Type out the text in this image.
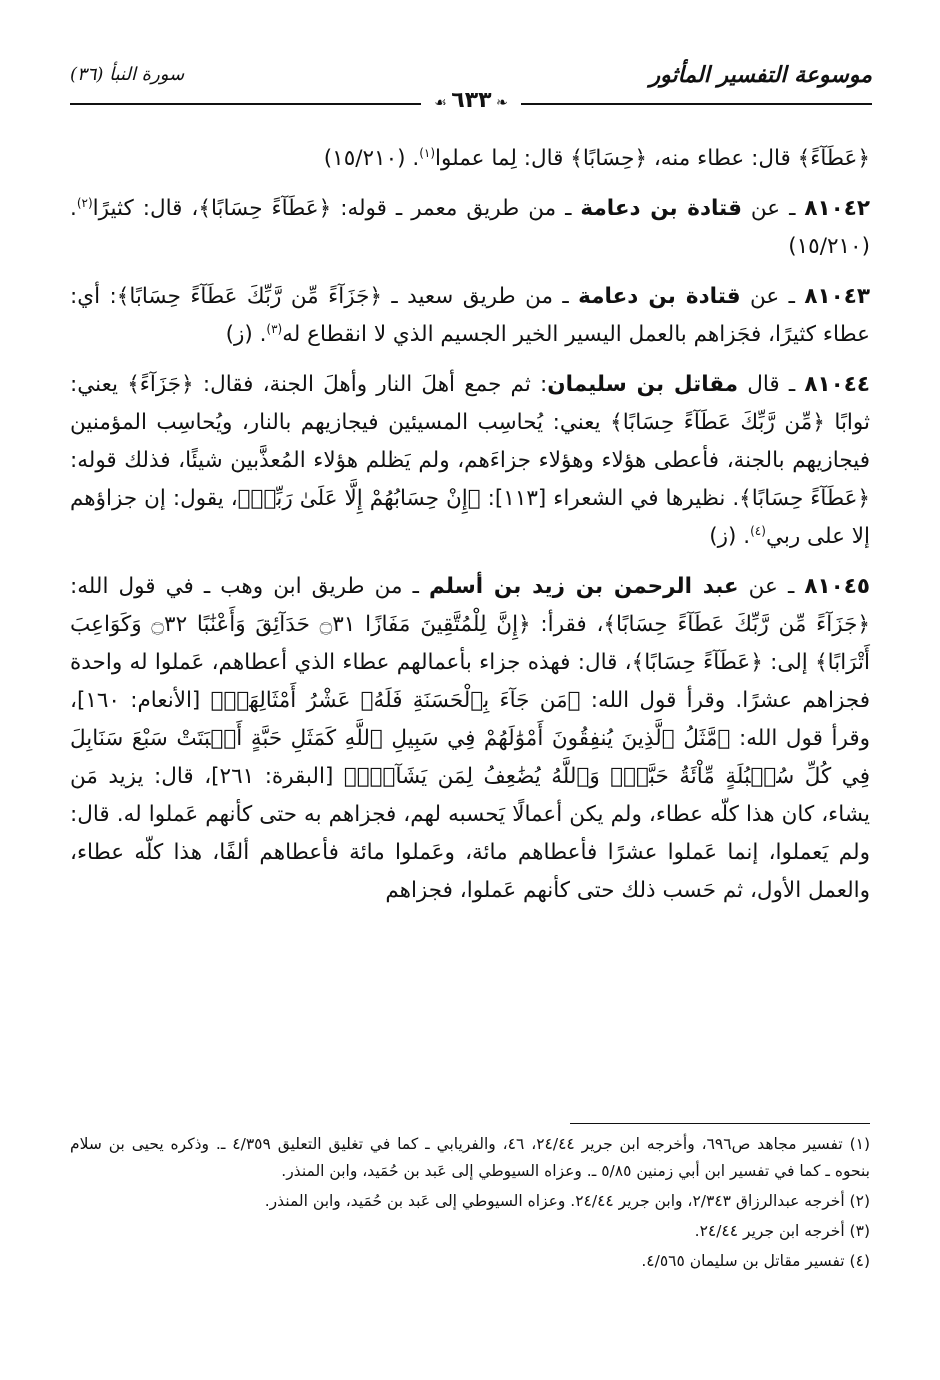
موسوعة التفسير المأثور
سورة النبأ (٣٦)
❧ ٦٣٣ ☙

﴿عَطَآءً﴾ قال: عطاء منه، ﴿حِسَابًا﴾ قال: لِما عملوا$^{(١)}$. (١٥/٢١٠)

٨١٠٤٢ ـ عن قتادة بن دعامة ـ من طريق معمر ـ قوله: ﴿عَطَآءً حِسَابًا﴾، قال: كثيرًا$^{(٢)}$. (١٥/٢١٠)

٨١٠٤٣ ـ عن قتادة بن دعامة ـ من طريق سعيد ـ ﴿جَزَآءً مِّن رَّبِّكَ عَطَآءً حِسَابًا﴾: أي: عطاء كثيرًا، فجَزاهم بالعمل اليسير الخير الجسيم الذي لا انقطاع له$^{(٣)}$. (ز)

٨١٠٤٤ ـ قال مقاتل بن سليمان: ثم جمع أهلَ النار وأهلَ الجنة، فقال: ﴿جَزَآءً﴾ يعني: ثوابًا ﴿مِّن رَّبِّكَ عَطَآءً حِسَابًا﴾ يعني: يُحاسِب المسيئين فيجازيهم بالنار، ويُحاسِب المؤمنين فيجازيهم بالجنة، فأعطى هؤلاء وهؤلاء جزاءَهم، ولم يَظلم هؤلاء المُعذَّبين شيئًا، فذلك قوله: ﴿عَطَآءً حِسَابًا﴾. نظيرها في الشعراء [١١٣]: ﴿إِنْ حِسَابُهُمْ إِلَّا عَلَىٰ رَبِّيۖ﴾، يقول: إن جزاؤهم إلا على ربي$^{(٤)}$. (ز)

٨١٠٤٥ ـ عن عبد الرحمن بن زيد بن أسلم ـ من طريق ابن وهب ـ في قول الله: ﴿جَزَآءً مِّن رَّبِّكَ عَطَآءً حِسَابًا﴾، فقرأ: ﴿إِنَّ لِلْمُتَّقِينَ مَفَازًا ۝٣١ حَدَآئِقَ وَأَعْنَٰبًا ۝٣٢ وَكَوَاعِبَ أَتْرَابًا﴾ إلى: ﴿عَطَآءً حِسَابًا﴾، قال: فهذه جزاء بأعمالهم عطاء الذي أعطاهم، عَملوا له واحدة فجزاهم عشرًا. وقرأ قول الله: ﴿مَن جَآءَ بِٱلْحَسَنَةِ فَلَهُۥ عَشْرُ أَمْثَالِهَاۖ﴾ [الأنعام: ١٦٠]، وقرأ قول الله: ﴿مَّثَلُ ٱلَّذِينَ يُنفِقُونَ أَمْوَٰلَهُمْ فِي سَبِيلِ ٱللَّهِ كَمَثَلِ حَبَّةٍ أَنۢبَتَتْ سَبْعَ سَنَابِلَ فِي كُلِّ سُنۢبُلَةٍ مِّاْئَةُ حَبَّةٍۗ وَٱللَّهُ يُضَٰعِفُ لِمَن يَشَآءُۚ﴾ [البقرة: ٢٦١]، قال: يزيد مَن يشاء، كان هذا كلّه عطاء، ولم يكن أعمالًا يَحسبه لهم، فجزاهم به حتى كأنهم عَملوا له. قال: ولم يَعملوا، إنما عَملوا عشرًا فأعطاهم مائة، وعَملوا مائة فأعطاهم ألفًا، هذا كلّه عطاء، والعمل الأول، ثم حَسب ذلك حتى كأنهم عَملوا، فجزاهم

(١) تفسير مجاهد ص٦٩٦، وأخرجه ابن جرير ٢٤/٤٤، ٤٦، والفريابي ـ كما في تغليق التعليق ٤/٣٥٩ ـ. وذكره يحيى بن سلام بنحوه ـ كما في تفسير ابن أبي زمنين ٥/٨٥ ـ. وعزاه السيوطي إلى عَبد بن حُمَيد، وابن المنذر.

(٢) أخرجه عبدالرزاق ٢/٣٤٣، وابن جرير ٢٤/٤٤. وعزاه السيوطي إلى عَبد بن حُمَيد، وابن المنذر.

(٣) أخرجه ابن جرير ٢٤/٤٤.

(٤) تفسير مقاتل بن سليمان ٤/٥٦٥.
